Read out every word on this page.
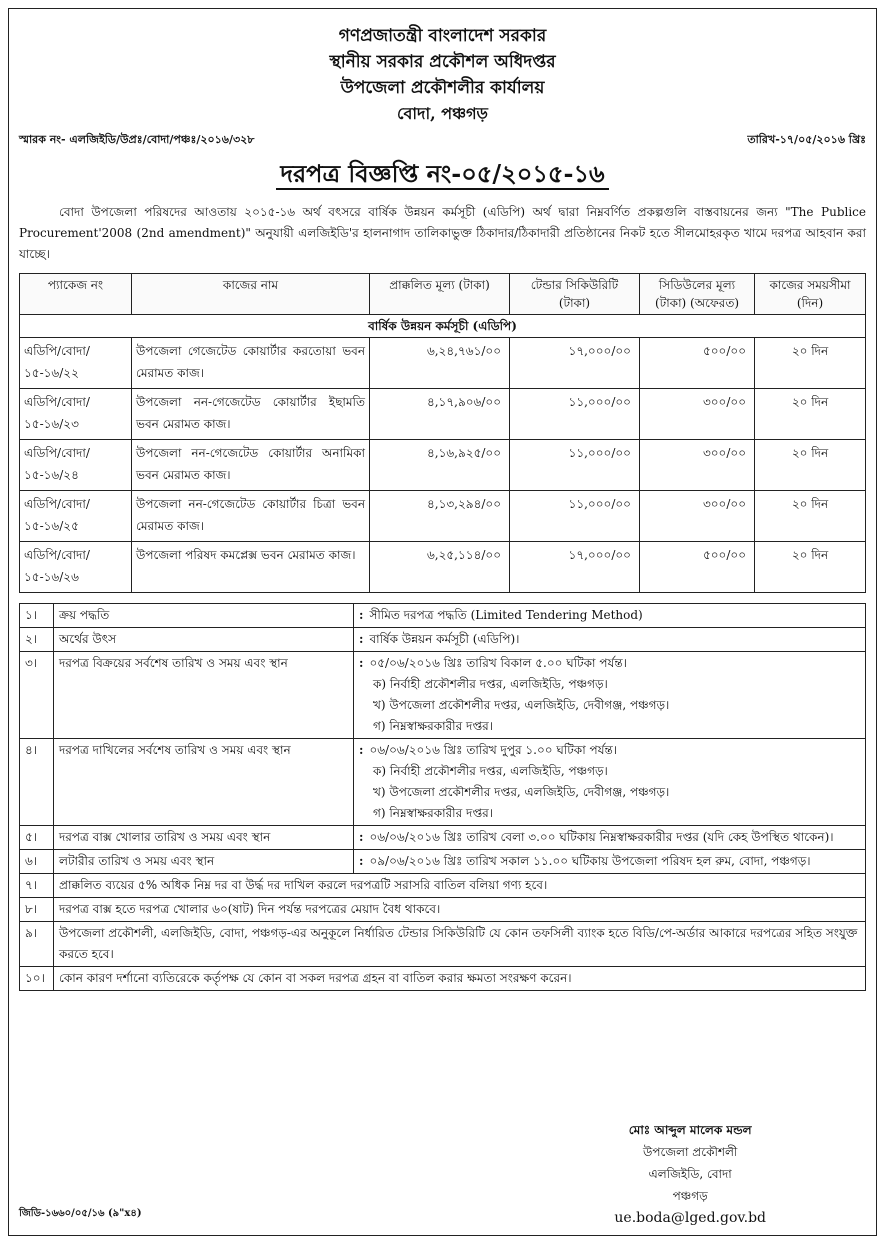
গণপ্রজাতন্ত্রী বাংলাদেশ সরকার
স্থানীয় সরকার প্রকৌশল অধিদপ্তর
উপজেলা প্রকৌশলীর কার্যালয়
বোদা, পঞ্চগড়
স্মারক নং- এলজিইডি/উপ্রঃ/বোদা/পঞ্চঃ/২০১৬/৩২৮	তারিখ-১৭/০৫/২০১৬ খ্রিঃ
দরপত্র বিজ্ঞপ্তি নং-০৫/২০১৫-১৬

বোদা উপজেলা পরিষদের আওতায় ২০১৫-১৬ অর্থ বৎসরে বার্ষিক উন্নয়ন কর্মসূচী (এডিপি) অর্থ দ্বারা নিম্নবর্ণিত প্রকল্পগুলি বাস্তবায়নের জন্য "The Publice Procurement'2008 (2nd amendment)" অনুযায়ী এলজিইডি'র হালনাগাদ তালিকাভুক্ত ঠিকাদার/ঠিকাদারী প্রতিষ্ঠানের নিকট হতে সীলমোহরকৃত খামে দরপত্র আহবান করা যাচ্ছে।

প্যাকেজ নং	কাজের নাম	প্রাক্কলিত মূল্য (টাকা)	টেন্ডার সিকিউরিটি (টাকা)	সিডিউলের মূল্য (টাকা) (অফেরত)	কাজের সময়সীমা (দিন)
বার্ষিক উন্নয়ন কর্মসূচী (এডিপি)					
এডিপি/বোদা/ ১৫-১৬/২২	উপজেলা গেজেটেড কোয়ার্টার করতোয়া ভবন মেরামত কাজ।	৬,২৪,৭৬১/০০	১৭,০০০/০০	৫০০/০০	২০ দিন
এডিপি/বোদা/ ১৫-১৬/২৩	উপজেলা নন-গেজেটেড কোয়ার্টার ইছামতি ভবন মেরামত কাজ।	৪,১৭,৯০৬/০০	১১,০০০/০০	৩০০/০০	২০ দিন
এডিপি/বোদা/ ১৫-১৬/২৪	উপজেলা নন-গেজেটেড কোয়ার্টার অনামিকা ভবন মেরামত কাজ।	৪,১৬,৯২৫/০০	১১,০০০/০০	৩০০/০০	২০ দিন
এডিপি/বোদা/ ১৫-১৬/২৫	উপজেলা নন-গেজেটেড কোয়ার্টার চিত্রা ভবন মেরামত কাজ।	৪,১৩,২৯৪/০০	১১,০০০/০০	৩০০/০০	২০ দিন
এডিপি/বোদা/ ১৫-১৬/২৬	উপজেলা পরিষদ কমপ্লেক্স ভবন মেরামত কাজ।	৬,২৫,১১৪/০০	১৭,০০০/০০	৫০০/০০	২০ দিন
১।	ক্রয় পদ্ধতি	: সীমিত দরপত্র পদ্ধতি (Limited Tendering Method)
২।	অর্থের উৎস	: বার্ষিক উন্নয়ন কর্মসূচী (এডিপি)।
৩।	দরপত্র বিক্রয়ের সর্বশেষ তারিখ ও সময় এবং স্থান	: ০৫/০৬/২০১৬ খ্রিঃ তারিখ বিকাল ৫.০০ ঘটিকা পর্যন্ত।
ক) নির্বাহী প্রকৌশলীর দপ্তর, এলজিইডি, পঞ্চগড়।
খ) উপজেলা প্রকৌশলীর দপ্তর, এলজিইডি, দেবীগঞ্জ, পঞ্চগড়।
গ) নিম্নস্বাক্ষরকারীর দপ্তর।

৪।	দরপত্র দাখিলের সর্বশেষ তারিখ ও সময় এবং স্থান	: ০৬/০৬/২০১৬ খ্রিঃ তারিখ দুপুর ১.০০ ঘটিকা পর্যন্ত।
ক) নির্বাহী প্রকৌশলীর দপ্তর, এলজিইডি, পঞ্চগড়।
খ) উপজেলা প্রকৌশলীর দপ্তর, এলজিইডি, দেবীগঞ্জ, পঞ্চগড়।
গ) নিম্নস্বাক্ষরকারীর দপ্তর।

৫।	দরপত্র বাক্স খোলার তারিখ ও সময় এবং স্থান	: ০৬/০৬/২০১৬ খ্রিঃ তারিখ বেলা ৩.০০ ঘটিকায় নিম্নস্বাক্ষরকারীর দপ্তর (যদি কেহ উপস্থিত থাকেন)।
৬।	লটারীর তারিখ ও সময় এবং স্থান	: ০৯/০৬/২০১৬ খ্রিঃ তারিখ সকাল ১১.০০ ঘটিকায় উপজেলা পরিষদ হল রুম, বোদা, পঞ্চগড়।
৭।	প্রাক্কলিত ব্যয়ের ৫% অধিক নিম্ন দর বা উর্দ্ধ দর দাখিল করলে দরপত্রটি সরাসরি বাতিল বলিয়া গণ্য হবে।	
৮।	দরপত্র বাক্স হতে দরপত্র খোলার ৬০(ষাট) দিন পর্যন্ত দরপত্রের মেয়াদ বৈধ থাকবে।	
৯।	উপজেলা প্রকৌশলী, এলজিইডি, বোদা, পঞ্চগড়-এর অনুকূলে নির্ধারিত টেন্ডার সিকিউরিটি যে কোন তফসিলী ব্যাংক হতে বিডি/পে-অর্ডার আকারে দরপত্রের সহিত সংযুক্ত করতে হবে।	
১০।	কোন কারণ দর্শানো ব্যতিরেকে কর্তৃপক্ষ যে কোন বা সকল দরপত্র গ্রহন বা বাতিল করার ক্ষমতা সংরক্ষণ করেন।	
মোঃ আব্দুল মালেক মন্ডল
উপজেলা প্রকৌশলী
এলজিইডি, বোদা
পঞ্চগড়
ue.boda@lged.gov.bd
জিডি-১৬৬০/০৫/১৬ (৯"x৪)
